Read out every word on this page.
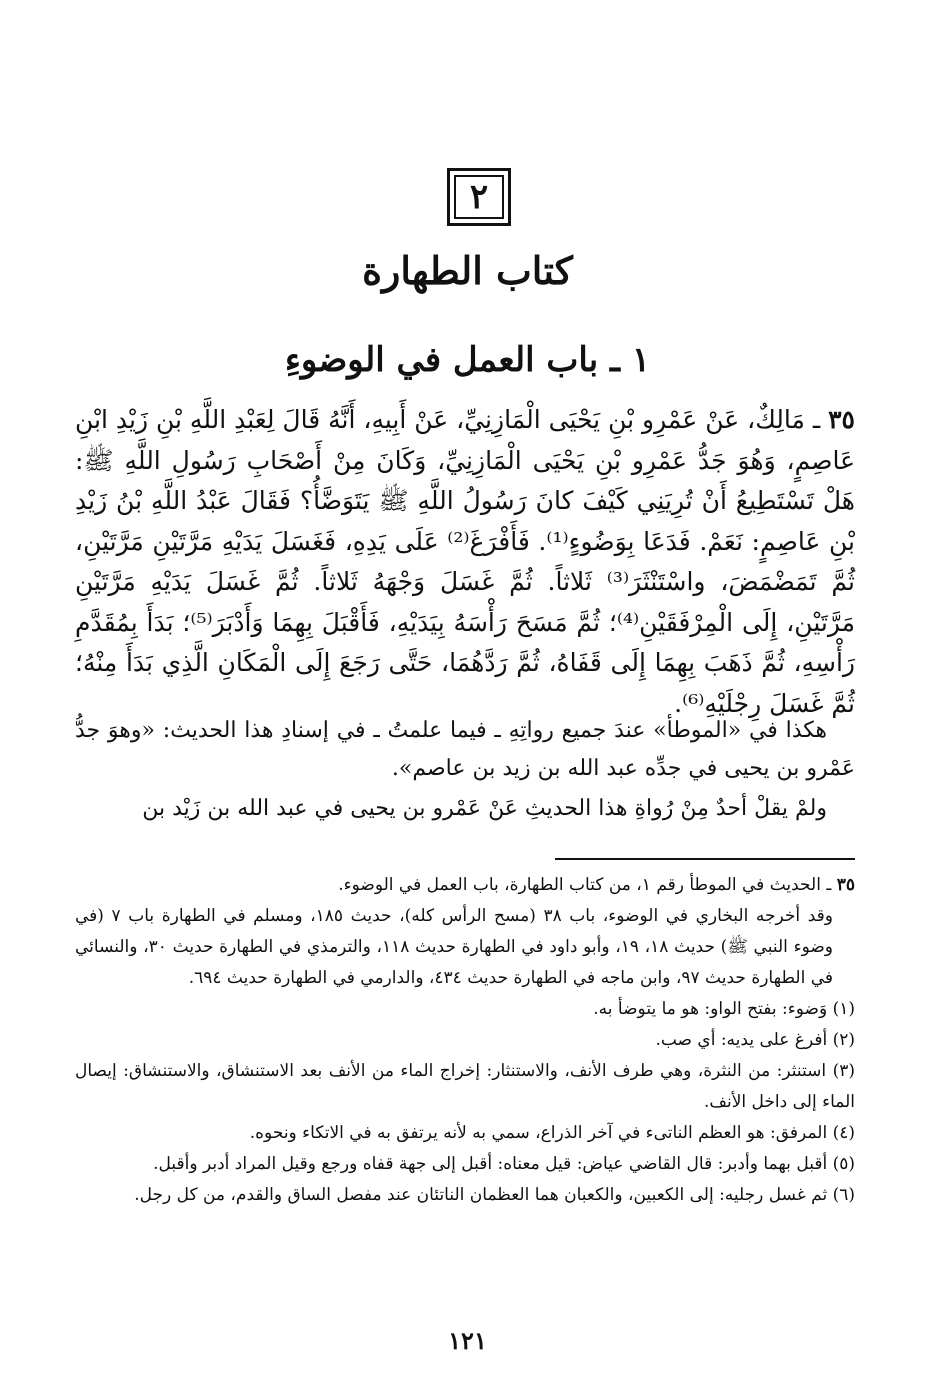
٢
كتاب الطهارة
١ ـ باب العمل في الوضوءِ

٣٥ ـ مَالِكٌ، عَنْ عَمْرِو بْنِ يَحْيَى الْمَازِنِيِّ، عَنْ أَبِيهِ، أَنَّهُ قَالَ لِعَبْدِ اللَّهِ بْنِ زَيْدِ ابْنِ عَاصِمٍ، وَهُوَ جَدُّ عَمْرِو بْنِ يَحْيَى الْمَازِنِيِّ، وَكَانَ مِنْ أَصْحَابِ رَسُولِ اللَّهِ ﷺ: هَلْ تَسْتَطِيعُ أَنْ تُرِيَنِي كَيْفَ كانَ رَسُولُ اللَّهِ ﷺ يَتَوَضَّأُ؟ فَقَالَ عَبْدُ اللَّهِ بْنُ زَيْدِ بْنِ عَاصِمٍ: نَعَمْ. فَدَعَا بِوَضُوءٍ⁽¹⁾. فَأَفْرَغَ⁽²⁾ عَلَى يَدِهِ، فَغَسَلَ يَدَيْهِ مَرَّتَيْنِ مَرَّتَيْنِ، ثُمَّ تَمَضْمَضَ، واسْتَنْثَرَ⁽³⁾ ثَلاثاً. ثُمَّ غَسَلَ وَجْهَهُ ثَلاثاً. ثُمَّ غَسَلَ يَدَيْهِ مَرَّتَيْنِ مَرَّتَيْنِ، إِلَى الْمِرْفَقَيْنِ⁽⁴⁾؛ ثُمَّ مَسَحَ رَأْسَهُ بِيَدَيْهِ، فَأَقْبَلَ بِهِمَا وَأَدْبَرَ⁽⁵⁾؛ بَدَأَ بِمُقَدَّمِ رَأْسِهِ، ثُمَّ ذَهَبَ بِهِمَا إِلَى قَفَاهُ، ثُمَّ رَدَّهُمَا، حَتَّى رَجَعَ إِلَى الْمَكَانِ الَّذِي بَدَأَ مِنْهُ؛ ثُمَّ غَسَلَ رِجْلَيْهِ⁽⁶⁾.

هكذا في «الموطأ» عندَ جميع رواتِهِ ـ فيما علمتُ ـ في إسنادِ هذا الحديث: «وهوَ جدُّ عَمْرو بن يحيى في جدِّه عبد الله بن زيد بن عاصم».

ولمْ يقلْ أحدٌ مِنْ رُواةِ هذا الحديثِ عَنْ عَمْرو بن يحيى في عبد الله بن زَيْد بن

٣٥ ـ الحديث في الموطأ رقم ١، من كتاب الطهارة، باب العمل في الوضوء.

وقد أخرجه البخاري في الوضوء، باب ٣٨ (مسح الرأس كله)، حديث ١٨٥، ومسلم في الطهارة باب ٧ (في وضوء النبي ﷺ) حديث ١٨، ١٩، وأبو داود في الطهارة حديث ١١٨، والترمذي في الطهارة حديث ٣٠، والنسائي في الطهارة حديث ٩٧، وابن ماجه في الطهارة حديث ٤٣٤، والدارمي في الطهارة حديث ٦٩٤.

(١) وَضوء: بفتح الواو: هو ما يتوضأ به.

(٢) أفرغ على يديه: أي صب.

(٣) استنثر: من النثرة، وهي طرف الأنف، والاستنثار: إخراج الماء من الأنف بعد الاستنشاق، والاستنشاق: إيصال الماء إلى داخل الأنف.

(٤) المرفق: هو العظم الناتىء في آخر الذراع، سمي به لأنه يرتفق به في الاتكاء ونحوه.

(٥) أقبل بهما وأدبر: قال القاضي عياض: قيل معناه: أقبل إلى جهة قفاه ورجع وقيل المراد أدبر وأقبل.

(٦) ثم غسل رجليه: إلى الكعبين، والكعبان هما العظمان الناتئان عند مفصل الساق والقدم، من كل رجل.

١٢١
